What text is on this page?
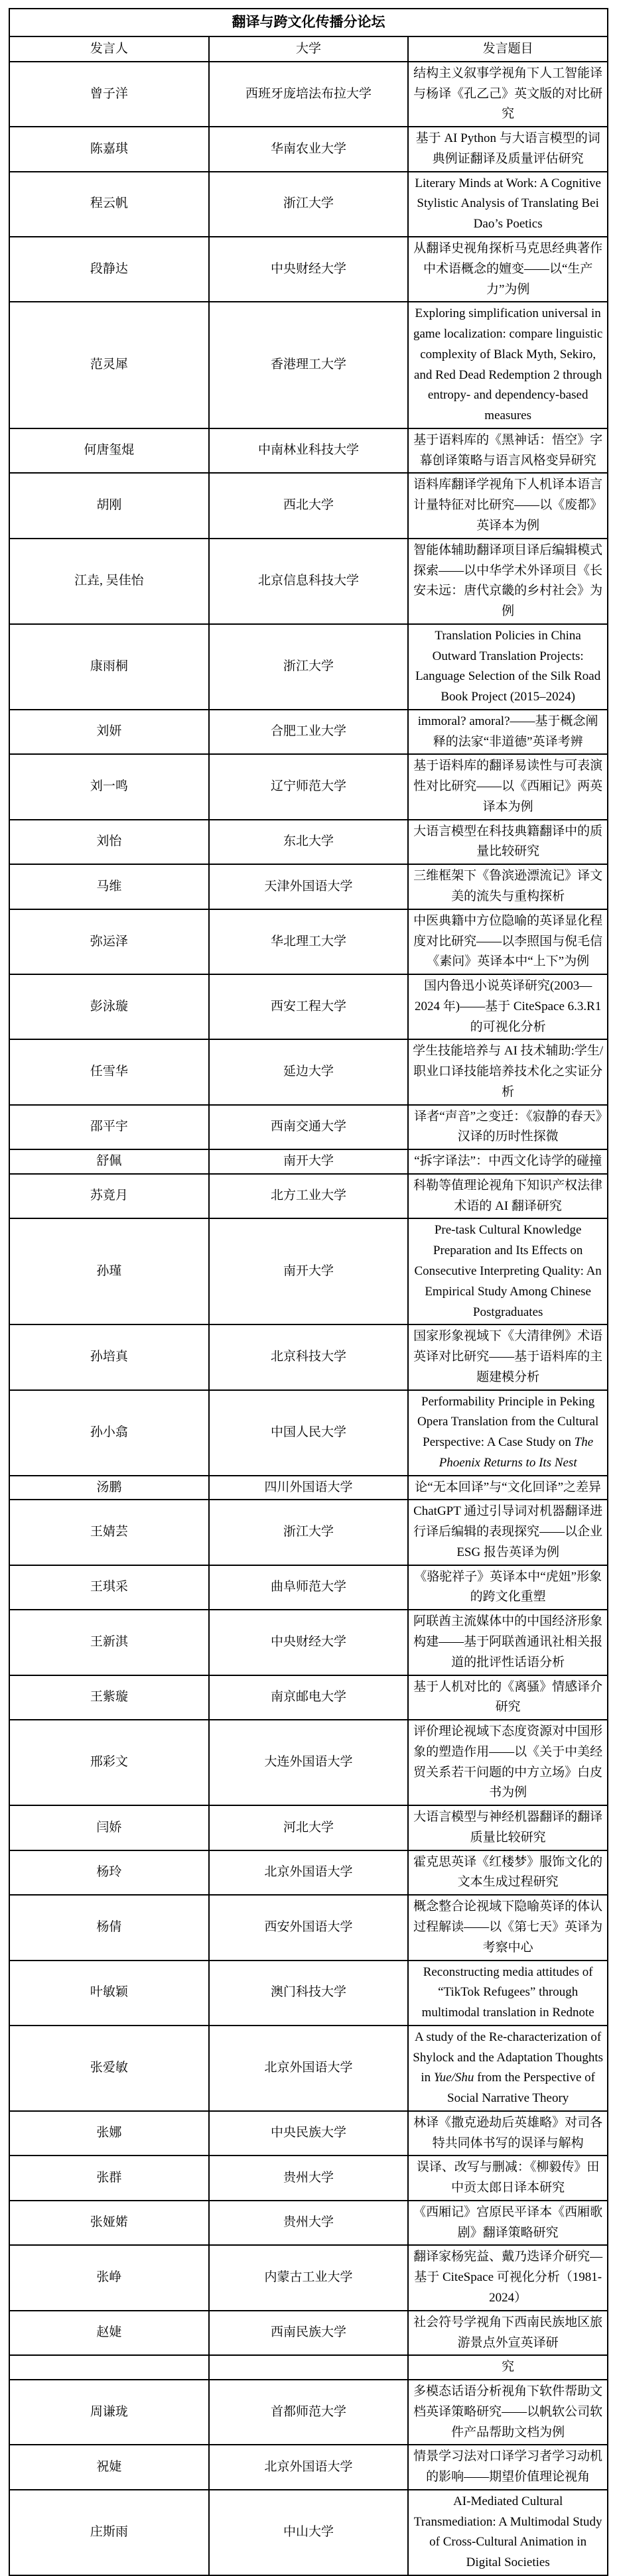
翻译与跨文化传播分论坛		
发言人	大学	发言题目
曾子洋	西班牙庞培法布拉大学	结构主义叙事学视角下人工智能译与杨译《孔乙己》英文版的对比研究
陈嘉琪	华南农业大学	基于 AI Python 与大语言模型的词典例证翻译及质量评估研究
程云帆	浙江大学	Literary Minds at Work: A Cognitive Stylistic Analysis of Translating Bei Dao’s Poetics
段静达	中央财经大学	从翻译史视角探析马克思经典著作中术语概念的嬗变——以“生产力”为例
范灵犀	香港理工大学	Exploring simplification universal in game localization: compare linguistic complexity of Black Myth, Sekiro, and Red Dead Redemption 2 through entropy- and dependency-based measures
何唐玺焜	中南林业科技大学	基于语料库的《黑神话：悟空》字幕创译策略与语言风格变异研究
胡刚	西北大学	语料库翻译学视角下人机译本语言计量特征对比研究——以《废都》英译本为例
江垚, 吴佳怡	北京信息科技大学	智能体辅助翻译项目译后编辑模式探索——以中华学术外译项目《长安未远：唐代京畿的乡村社会》为例
康雨桐	浙江大学	Translation Policies in China Outward Translation Projects: Language Selection of the Silk Road Book Project (2015–2024)
刘妍	合肥工业大学	immoral? amoral?——基于概念阐释的法家“非道德”英译考辨
刘一鸣	辽宁师范大学	基于语料库的翻译易读性与可表演性对比研究——以《西厢记》两英译本为例
刘怡	东北大学	大语言模型在科技典籍翻译中的质量比较研究
马维	天津外国语大学	三维框架下《鲁滨逊漂流记》译文美的流失与重构探析
弥运泽	华北理工大学	中医典籍中方位隐喻的英译显化程度对比研究——以李照国与倪毛信《素问》英译本中“上下”为例
彭泳璇	西安工程大学	国内鲁迅小说英译研究(2003—2024 年)——基于 CiteSpace 6.3.R1 的可视化分析
任雪华	延边大学	学生技能培养与 AI 技术辅助:学生/职业口译技能培养技术化之实证分析
邵平宇	西南交通大学	译者“声音”之变迁：《寂静的春天》汉译的历时性探微
舒佩	南开大学	“拆字译法”：中西文化诗学的碰撞
苏竟月	北方工业大学	科勒等值理论视角下知识产权法律术语的 AI 翻译研究
孙瑾	南开大学	Pre-task Cultural Knowledge Preparation and Its Effects on Consecutive Interpreting Quality: An Empirical Study Among Chinese Postgraduates
孙培真	北京科技大学	国家形象视域下《大清律例》术语英译对比研究——基于语料库的主题建模分析
孙小翕	中国人民大学	Performability Principle in Peking Opera Translation from the Cultural Perspective: A Case Study on The Phoenix Returns to Its Nest
汤鹏	四川外国语大学	论“无本回译”与“文化回译”之差异
王婧芸	浙江大学	ChatGPT 通过引导词对机器翻译进行译后编辑的表现探究——以企业 ESG 报告英译为例
王琪采	曲阜师范大学	《骆驼祥子》英译本中“虎妞”形象的跨文化重塑
王新淇	中央财经大学	阿联酋主流媒体中的中国经济形象构建——基于阿联酋通讯社相关报道的批评性话语分析
王紫璇	南京邮电大学	基于人机对比的《离骚》情感译介研究
邢彩文	大连外国语大学	评价理论视域下态度资源对中国形象的塑造作用——以《关于中美经贸关系若干问题的中方立场》白皮书为例
闫娇	河北大学	大语言模型与神经机器翻译的翻译质量比较研究
杨玲	北京外国语大学	霍克思英译《红楼梦》服饰文化的文本生成过程研究
杨倩	西安外国语大学	概念整合论视域下隐喻英译的体认过程解读——以《第七天》英译为考察中心
叶敏颖	澳门科技大学	Reconstructing media attitudes of “TikTok Refugees” through multimodal translation in Rednote
张爱敏	北京外国语大学	A study of the Re-characterization of Shylock and the Adaptation Thoughts in Yue/Shu from the Perspective of Social Narrative Theory
张娜	中央民族大学	林译《撒克逊劫后英雄略》对司各特共同体书写的误译与解构
张群	贵州大学	误译、改写与删减：《柳毅传》田中贡太郎日译本研究
张娅婼	贵州大学	《西厢记》宫原民平译本《西厢歌剧》翻译策略研究
张峥	内蒙古工业大学	翻译家杨宪益、戴乃迭译介研究—基于 CiteSpace 可视化分析（1981-2024）
赵婕	西南民族大学	社会符号学视角下西南民族地区旅游景点外宣英译研
		究
周谦珑	首都师范大学	多模态话语分析视角下软件帮助文档英译策略研究——以帆软公司软件产品帮助文档为例
祝婕	北京外国语大学	情景学习法对口译学习者学习动机的影响——期望价值理论视角
庄斯雨	中山大学	AI-Mediated Cultural Transmediation: A Multimodal Study of Cross-Cultural Animation in Digital Societies
